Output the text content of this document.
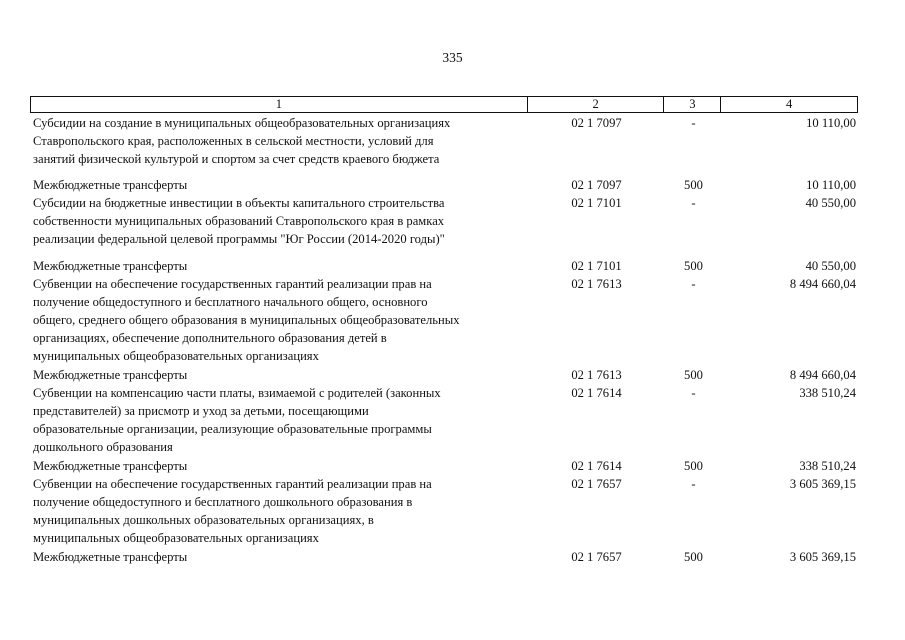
335
1	2	3	4
Субсидии на создание в муниципальных общеобразовательных организациях
Ставропольского края, расположенных в сельской местности, условий для
занятий физической культурой и спортом за счет средств краевого бюджета
02 1 7097	-	10 110,00
Межбюджетные трансферты	02 1 7097	500	10 110,00
Субсидии на бюджетные инвестиции в объекты капитального строительства
собственности муниципальных образований Ставропольского края в рамках
реализации федеральной целевой программы "Юг России (2014-2020 годы)"
02 1 7101	-	40 550,00
Межбюджетные трансферты	02 1 7101	500	40 550,00
Субвенции на обеспечение государственных гарантий реализации прав на
получение общедоступного и бесплатного начального общего, основного
общего, среднего общего образования в муниципальных общеобразовательных
организациях, обеспечение дополнительного образования детей в
муниципальных общеобразовательных организациях
02 1 7613	-	8 494 660,04
Межбюджетные трансферты	02 1 7613	500	8 494 660,04
Субвенции на компенсацию части платы, взимаемой с родителей (законных
представителей) за присмотр и уход за детьми, посещающими
образовательные организации, реализующие образовательные программы
дошкольного образования
02 1 7614	-	338 510,24
Межбюджетные трансферты	02 1 7614	500	338 510,24
Субвенции на обеспечение государственных гарантий реализации прав на
получение общедоступного и бесплатного дошкольного образования в
муниципальных дошкольных образовательных организациях, в
муниципальных общеобразовательных организациях
02 1 7657	-	3 605 369,15
Межбюджетные трансферты	02 1 7657	500	3 605 369,15
